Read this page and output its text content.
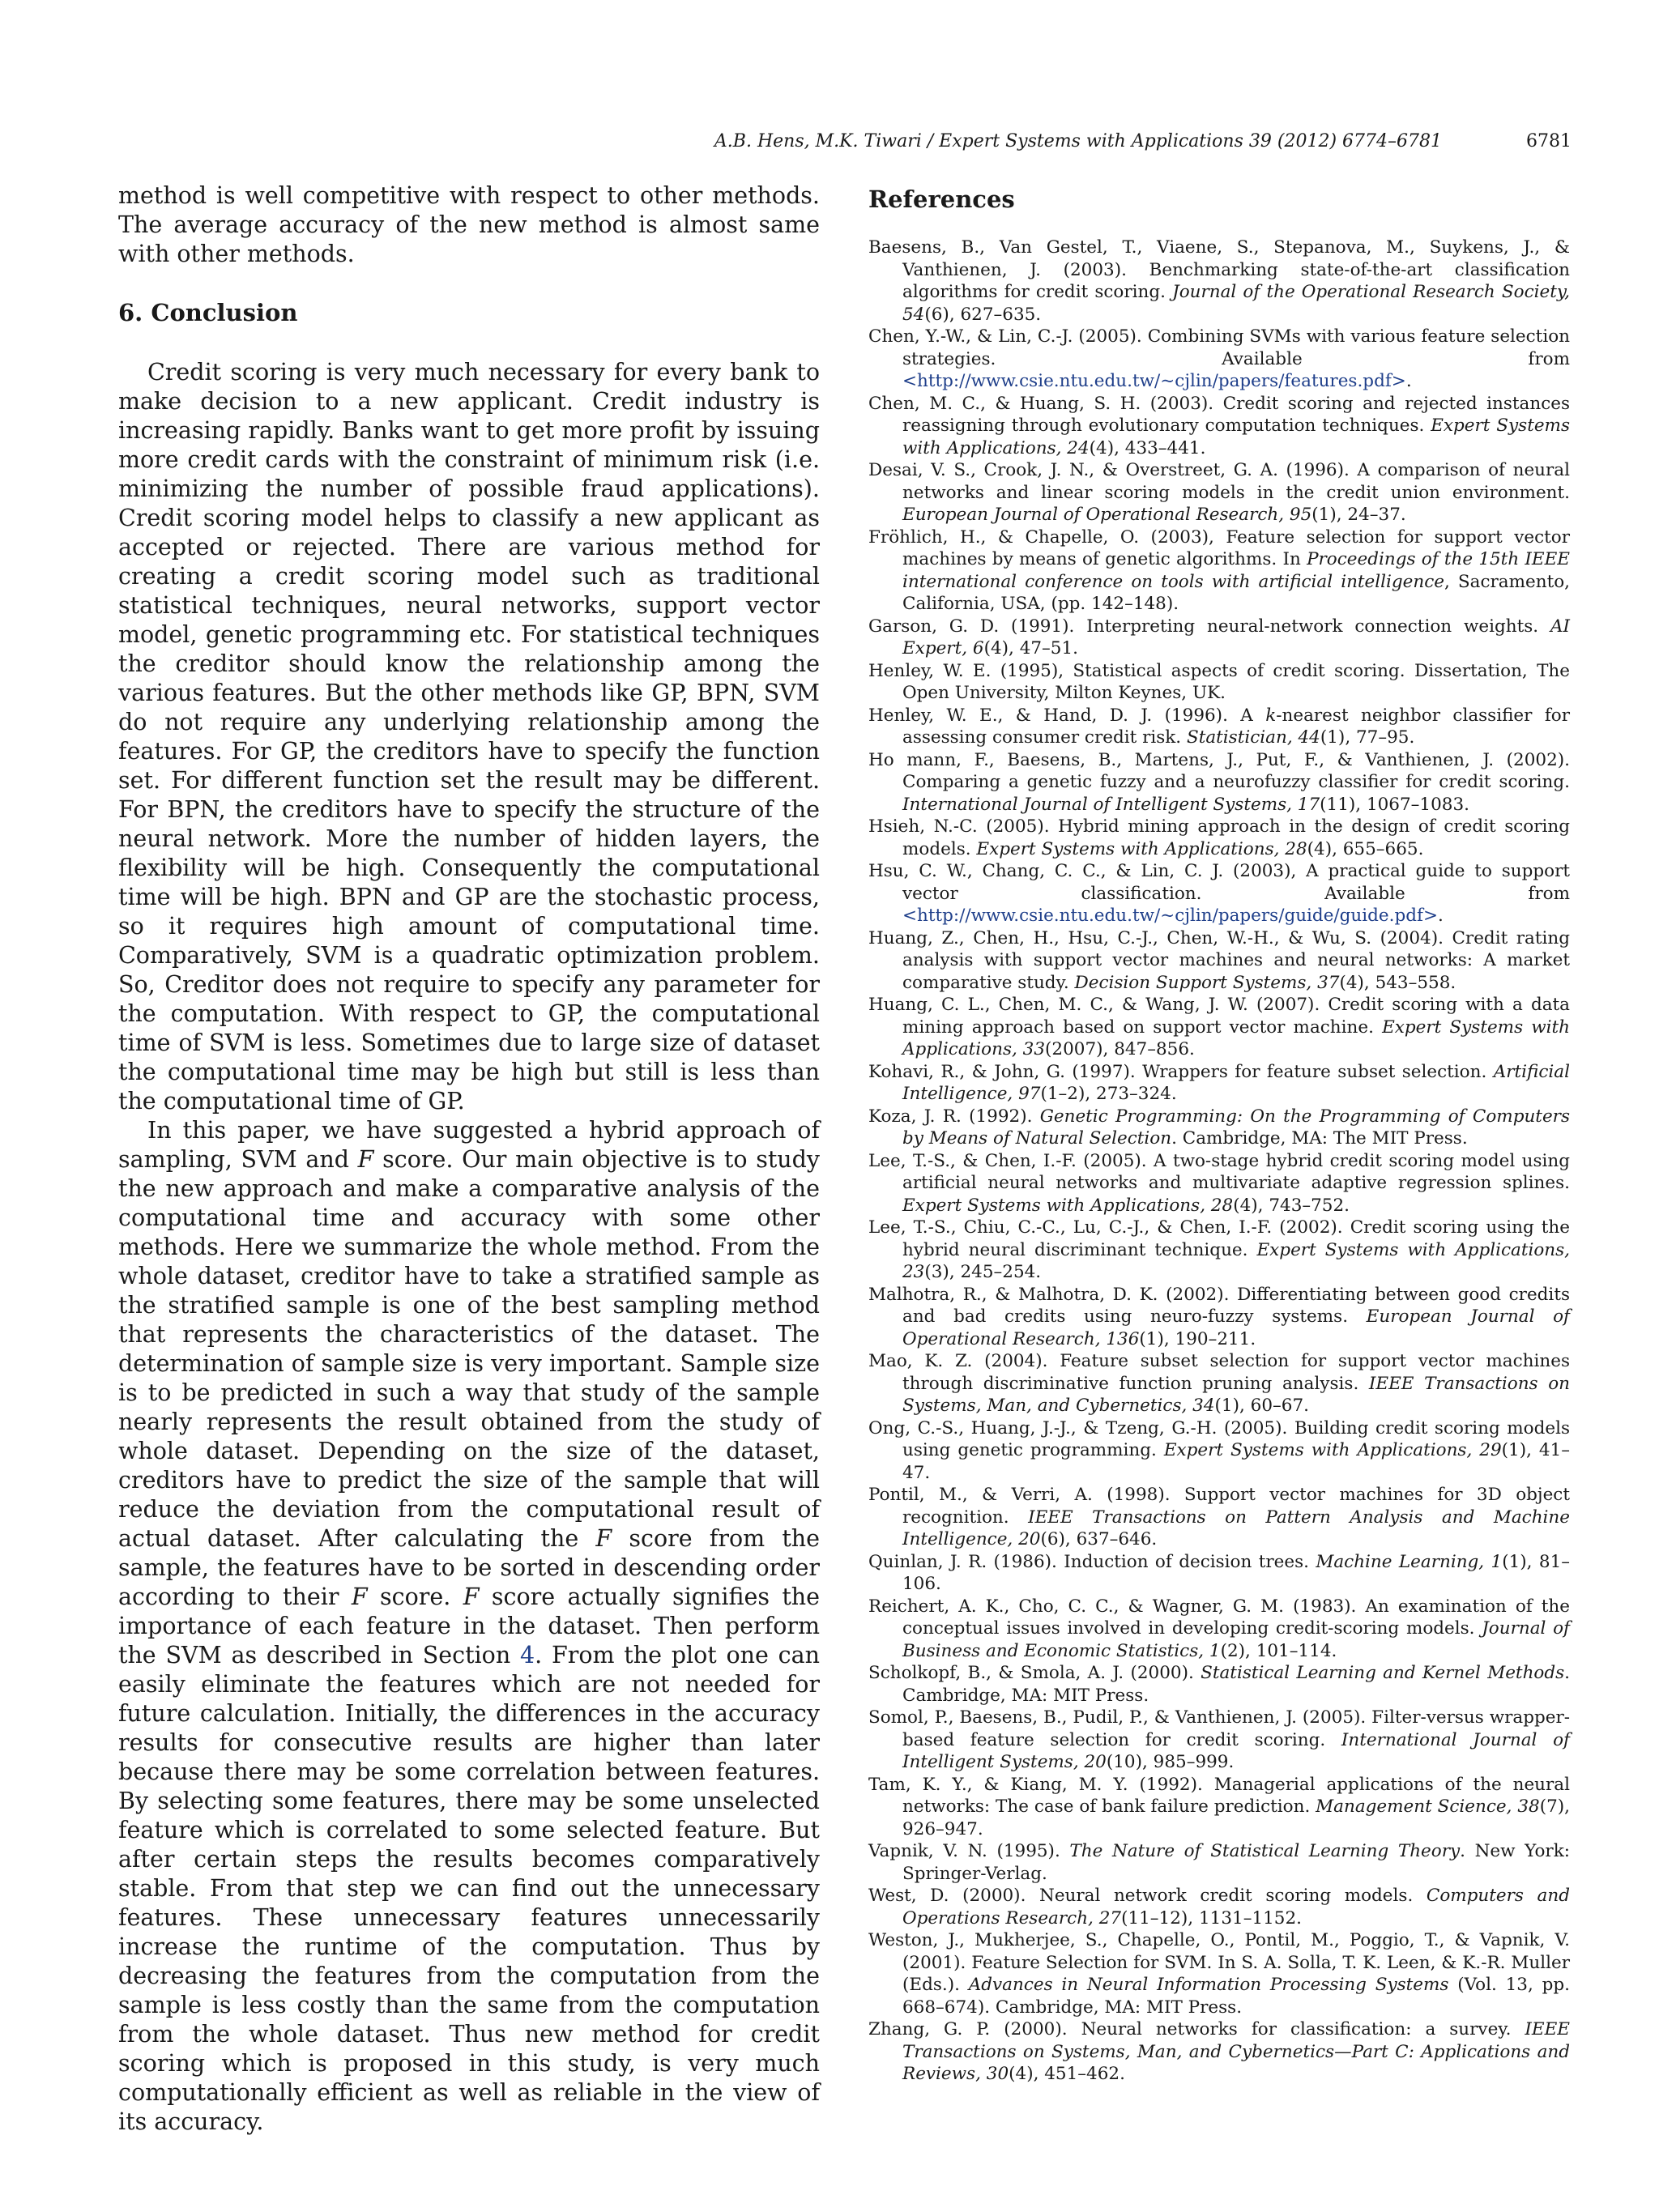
A.B. Hens, M.K. Tiwari / Expert Systems with Applications 39 (2012) 6774–6781	6781

method is well competitive with respect to other methods. The average accuracy of the new method is almost same with other methods.

6. Conclusion

Credit scoring is very much necessary for every bank to make decision to a new applicant. Credit industry is increasing rapidly. Banks want to get more profit by issuing more credit cards with the constraint of minimum risk (i.e. minimizing the number of possible fraud applications). Credit scoring model helps to classify a new applicant as accepted or rejected. There are various method for creating a credit scoring model such as traditional statistical techniques, neural networks, support vector model, genetic programming etc. For statistical techniques the creditor should know the relationship among the various features. But the other methods like GP, BPN, SVM do not require any underlying relationship among the features. For GP, the creditors have to specify the function set. For different function set the result may be different. For BPN, the creditors have to specify the structure of the neural network. More the number of hidden layers, the flexibility will be high. Consequently the computational time will be high. BPN and GP are the stochastic process, so it requires high amount of computational time. Comparatively, SVM is a quadratic optimization problem. So, Creditor does not require to specify any parameter for the computation. With respect to GP, the computational time of SVM is less. Sometimes due to large size of dataset the computational time may be high but still is less than the computational time of GP.

In this paper, we have suggested a hybrid approach of sampling, SVM and F score. Our main objective is to study the new approach and make a comparative analysis of the computational time and accuracy with some other methods. Here we summarize the whole method. From the whole dataset, creditor have to take a stratified sample as the stratified sample is one of the best sampling method that represents the characteristics of the dataset. The determination of sample size is very important. Sample size is to be predicted in such a way that study of the sample nearly represents the result obtained from the study of whole dataset. Depending on the size of the dataset, creditors have to predict the size of the sample that will reduce the deviation from the computational result of actual dataset. After calculating the F score from the sample, the features have to be sorted in descending order according to their F score. F score actually signifies the importance of each feature in the dataset. Then perform the SVM as described in Section 4. From the plot one can easily eliminate the features which are not needed for future calculation. Initially, the differences in the accuracy results for consecutive results are higher than later because there may be some correlation between features. By selecting some features, there may be some unselected feature which is correlated to some selected feature. But after certain steps the results becomes comparatively stable. From that step we can find out the unnecessary features. These unnecessary features unnecessarily increase the runtime of the computation. Thus by decreasing the features from the computation from the sample is less costly than the same from the computation from the whole dataset. Thus new method for credit scoring which is proposed in this study, is very much computationally efficient as well as reliable in the view of its accuracy.

References
Baesens, B., Van Gestel, T., Viaene, S., Stepanova, M., Suykens, J., & Vanthienen, J. (2003). Benchmarking state-of-the-art classification algorithms for credit scoring. Journal of the Operational Research Society, 54(6), 627–635.
Chen, Y.-W., & Lin, C.-J. (2005). Combining SVMs with various feature selection strategies. Available from <http://www.csie.ntu.edu.tw/~cjlin/papers/features.pdf>.
Chen, M. C., & Huang, S. H. (2003). Credit scoring and rejected instances reassigning through evolutionary computation techniques. Expert Systems with Applications, 24(4), 433–441.
Desai, V. S., Crook, J. N., & Overstreet, G. A. (1996). A comparison of neural networks and linear scoring models in the credit union environment. European Journal of Operational Research, 95(1), 24–37.
Fröhlich, H., & Chapelle, O. (2003), Feature selection for support vector machines by means of genetic algorithms. In Proceedings of the 15th IEEE international conference on tools with artificial intelligence, Sacramento, California, USA, (pp. 142–148).
Garson, G. D. (1991). Interpreting neural-network connection weights. AI Expert, 6(4), 47–51.
Henley, W. E. (1995), Statistical aspects of credit scoring. Dissertation, The Open University, Milton Keynes, UK.
Henley, W. E., & Hand, D. J. (1996). A k-nearest neighbor classifier for assessing consumer credit risk. Statistician, 44(1), 77–95.
Ho mann, F., Baesens, B., Martens, J., Put, F., & Vanthienen, J. (2002). Comparing a genetic fuzzy and a neurofuzzy classifier for credit scoring. International Journal of Intelligent Systems, 17(11), 1067–1083.
Hsieh, N.-C. (2005). Hybrid mining approach in the design of credit scoring models. Expert Systems with Applications, 28(4), 655–665.
Hsu, C. W., Chang, C. C., & Lin, C. J. (2003), A practical guide to support vector classification. Available from <http://www.csie.ntu.edu.tw/~cjlin/papers/guide/guide.pdf>.
Huang, Z., Chen, H., Hsu, C.-J., Chen, W.-H., & Wu, S. (2004). Credit rating analysis with support vector machines and neural networks: A market comparative study. Decision Support Systems, 37(4), 543–558.
Huang, C. L., Chen, M. C., & Wang, J. W. (2007). Credit scoring with a data mining approach based on support vector machine. Expert Systems with Applications, 33(2007), 847–856.
Kohavi, R., & John, G. (1997). Wrappers for feature subset selection. Artificial Intelligence, 97(1–2), 273–324.
Koza, J. R. (1992). Genetic Programming: On the Programming of Computers by Means of Natural Selection. Cambridge, MA: The MIT Press.
Lee, T.-S., & Chen, I.-F. (2005). A two-stage hybrid credit scoring model using artificial neural networks and multivariate adaptive regression splines. Expert Systems with Applications, 28(4), 743–752.
Lee, T.-S., Chiu, C.-C., Lu, C.-J., & Chen, I.-F. (2002). Credit scoring using the hybrid neural discriminant technique. Expert Systems with Applications, 23(3), 245–254.
Malhotra, R., & Malhotra, D. K. (2002). Differentiating between good credits and bad credits using neuro-fuzzy systems. European Journal of Operational Research, 136(1), 190–211.
Mao, K. Z. (2004). Feature subset selection for support vector machines through discriminative function pruning analysis. IEEE Transactions on Systems, Man, and Cybernetics, 34(1), 60–67.
Ong, C.-S., Huang, J.-J., & Tzeng, G.-H. (2005). Building credit scoring models using genetic programming. Expert Systems with Applications, 29(1), 41–47.
Pontil, M., & Verri, A. (1998). Support vector machines for 3D object recognition. IEEE Transactions on Pattern Analysis and Machine Intelligence, 20(6), 637–646.
Quinlan, J. R. (1986). Induction of decision trees. Machine Learning, 1(1), 81–106.
Reichert, A. K., Cho, C. C., & Wagner, G. M. (1983). An examination of the conceptual issues involved in developing credit-scoring models. Journal of Business and Economic Statistics, 1(2), 101–114.
Scholkopf, B., & Smola, A. J. (2000). Statistical Learning and Kernel Methods. Cambridge, MA: MIT Press.
Somol, P., Baesens, B., Pudil, P., & Vanthienen, J. (2005). Filter-versus wrapper-based feature selection for credit scoring. International Journal of Intelligent Systems, 20(10), 985–999.
Tam, K. Y., & Kiang, M. Y. (1992). Managerial applications of the neural networks: The case of bank failure prediction. Management Science, 38(7), 926–947.
Vapnik, V. N. (1995). The Nature of Statistical Learning Theory. New York: Springer-Verlag.
West, D. (2000). Neural network credit scoring models. Computers and Operations Research, 27(11–12), 1131–1152.
Weston, J., Mukherjee, S., Chapelle, O., Pontil, M., Poggio, T., & Vapnik, V. (2001). Feature Selection for SVM. In S. A. Solla, T. K. Leen, & K.-R. Muller (Eds.). Advances in Neural Information Processing Systems (Vol. 13, pp. 668–674). Cambridge, MA: MIT Press.
Zhang, G. P. (2000). Neural networks for classification: a survey. IEEE Transactions on Systems, Man, and Cybernetics—Part C: Applications and Reviews, 30(4), 451–462.
